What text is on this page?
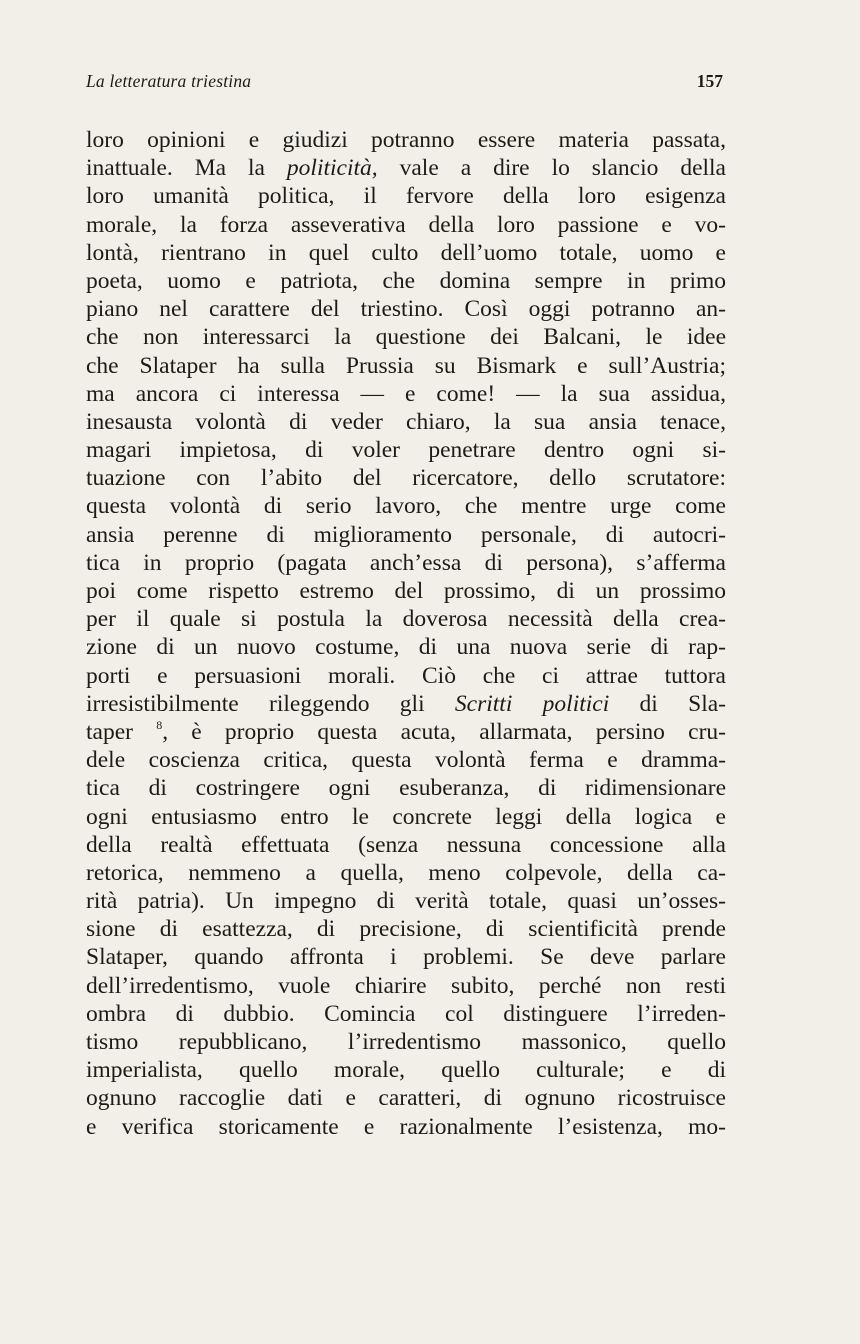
La letteratura triestina	157
loro opinioni e giudizi potranno essere materia passata,
inattuale. Ma la politicità, vale a dire lo slancio della
loro umanità politica, il fervore della loro esigenza
morale, la forza asseverativa della loro passione e vo-
lontà, rientrano in quel culto dell’uomo totale, uomo e
poeta, uomo e patriota, che domina sempre in primo
piano nel carattere del triestino. Così oggi potranno an-
che non interessarci la questione dei Balcani, le idee
che Slataper ha sulla Prussia su Bismark e sull’Austria;
ma ancora ci interessa — e come! — la sua assidua,
inesausta volontà di veder chiaro, la sua ansia tenace,
magari impietosa, di voler penetrare dentro ogni si-
tuazione con l’abito del ricercatore, dello scrutatore:
questa volontà di serio lavoro, che mentre urge come
ansia perenne di miglioramento personale, di autocri-
tica in proprio (pagata anch’essa di persona), s’afferma
poi come rispetto estremo del prossimo, di un prossimo
per il quale si postula la doverosa necessità della crea-
zione di un nuovo costume, di una nuova serie di rap-
porti e persuasioni morali. Ciò che ci attrae tuttora
irresistibilmente rileggendo gli Scritti politici di Sla-
taper $^8$, è proprio questa acuta, allarmata, persino cru-
dele coscienza critica, questa volontà ferma e dramma-
tica di costringere ogni esuberanza, di ridimensionare
ogni entusiasmo entro le concrete leggi della logica e
della realtà effettuata (senza nessuna concessione alla
retorica, nemmeno a quella, meno colpevole, della ca-
rità patria). Un impegno di verità totale, quasi un’osses-
sione di esattezza, di precisione, di scientificità prende
Slataper, quando affronta i problemi. Se deve parlare
dell’irredentismo, vuole chiarire subito, perché non resti
ombra di dubbio. Comincia col distinguere l’irreden-
tismo repubblicano, l’irredentismo massonico, quello
imperialista, quello morale, quello culturale; e di
ognuno raccoglie dati e caratteri, di ognuno ricostruisce
e verifica storicamente e razionalmente l’esistenza, mo-
